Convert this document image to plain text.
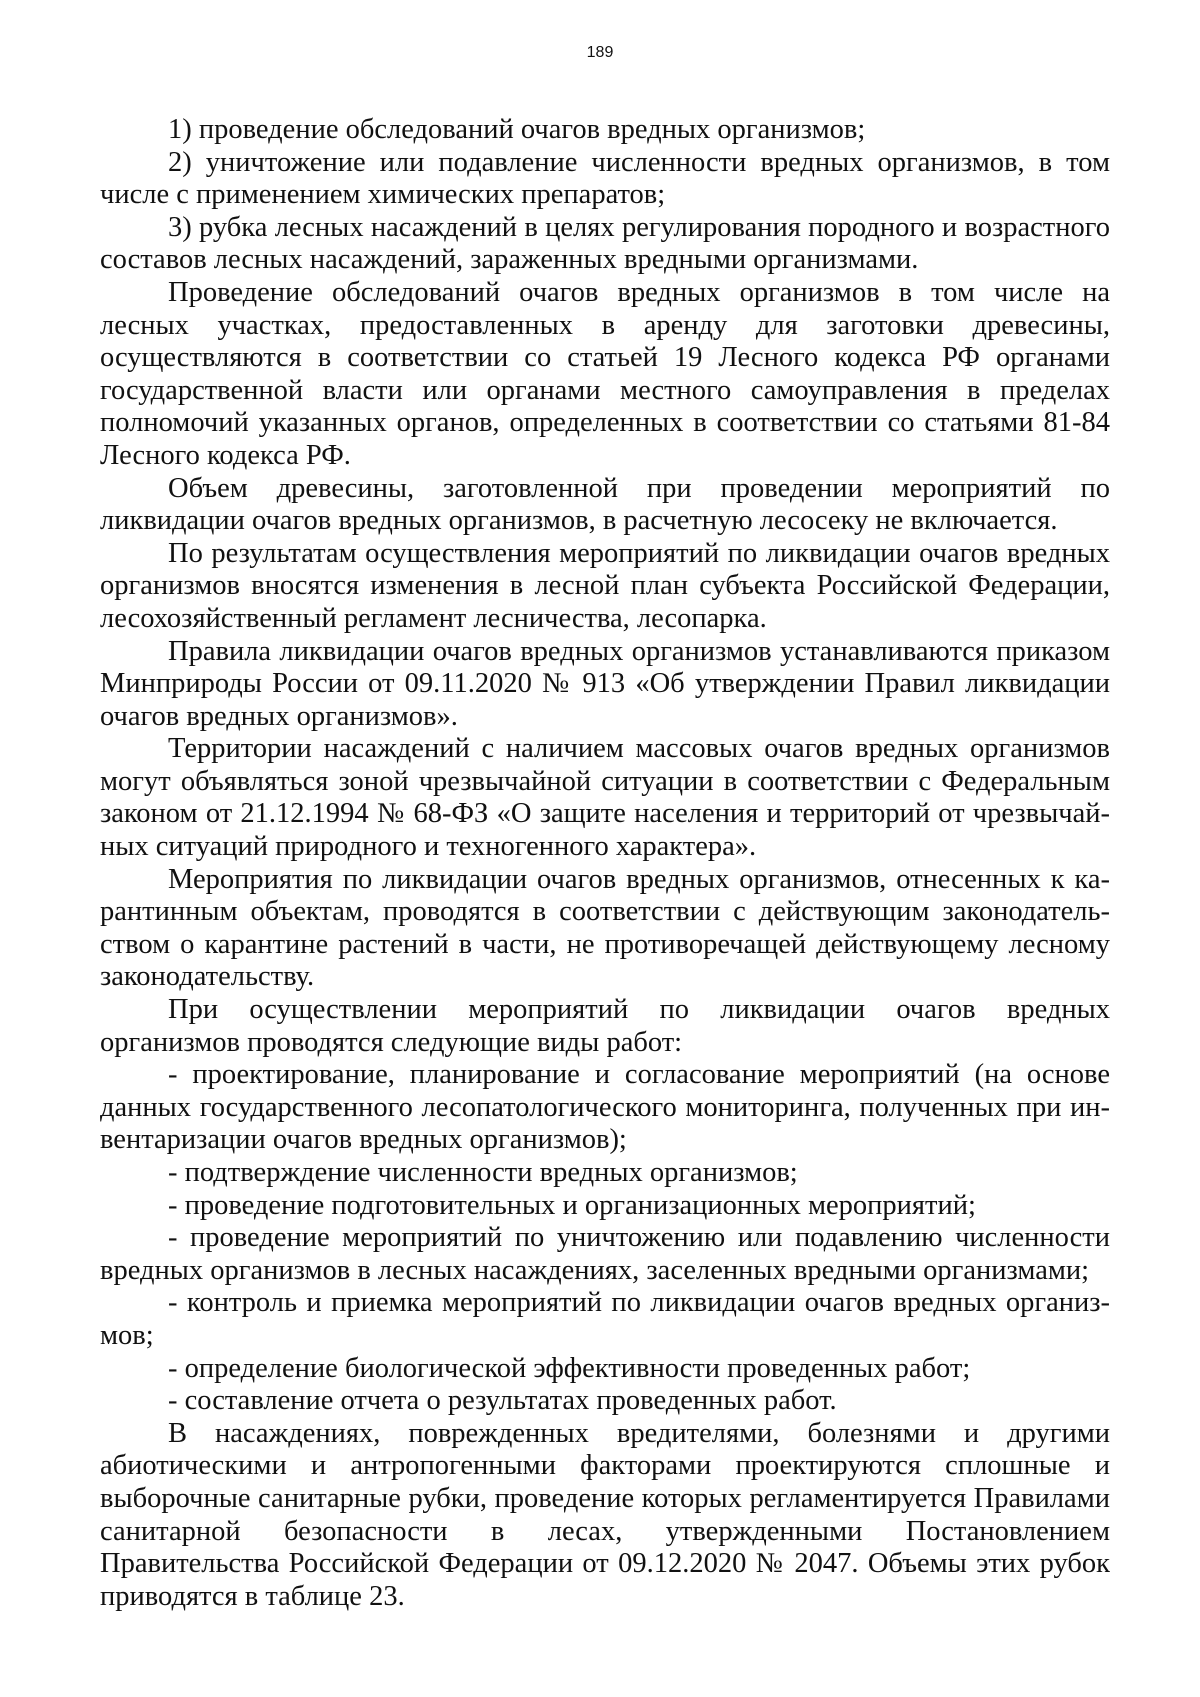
189

1) проведение обследований очагов вредных организмов;

2) уничтожение или подавление численности вредных организмов, в том числе с применением химических препаратов;

3) рубка лесных насаждений в целях регулирования породного и возрастного составов лесных насаждений, зараженных вредными организмами.

Проведение обследований очагов вредных организмов в том числе на лесных участках, предоставленных в аренду для заготовки древесины, осуществляются в соответствии со статьей 19 Лесного кодекса РФ органами государственной власти или органами местного самоуправления в пределах полномочий указанных органов, определенных в соответствии со статьями 81-84 Лесного кодекса РФ.

Объем древесины, заготовленной при проведении мероприятий по ликвидации очагов вредных организмов, в расчетную лесосеку не включается.

По результатам осуществления мероприятий по ликвидации очагов вредных организмов вносятся изменения в лесной план субъекта Российской Федерации, лесохозяйственный регламент лесничества, лесопарка.

Правила ликвидации очагов вредных организмов устанавливаются приказом Минприроды России от 09.11.2020 № 913 «Об утверждении Правил ликвидации очагов вредных организмов».

Территории насаждений с наличием массовых очагов вредных организмов могут объявляться зоной чрезвычайной ситуации в соответствии с Федеральным законом от 21.12.1994 № 68-ФЗ «О защите населения и территорий от чрезвычайных ситуаций природного и техногенного характера».

Мероприятия по ликвидации очагов вредных организмов, отнесенных к карантинным объектам, проводятся в соответствии с действующим законодательством о карантине растений в части, не противоречащей действующему лесному законодательству.

При осуществлении мероприятий по ликвидации очагов вредных организмов проводятся следующие виды работ:

- проектирование, планирование и согласование мероприятий (на основе данных государственного лесопатологического мониторинга, полученных при инвентаризации очагов вредных организмов);

- подтверждение численности вредных организмов;

- проведение подготовительных и организационных мероприятий;

- проведение мероприятий по уничтожению или подавлению численности вредных организмов в лесных насаждениях, заселенных вредными организмами;

- контроль и приемка мероприятий по ликвидации очагов вредных организмов;

- определение биологической эффективности проведенных работ;

- составление отчета о результатах проведенных работ.

В насаждениях, поврежденных вредителями, болезнями и другими абиотическими и антропогенными факторами проектируются сплошные и выборочные санитарные рубки, проведение которых регламентируется Правилами санитарной безопасности в лесах, утвержденными Постановлением Правительства Российской Федерации от 09.12.2020 № 2047. Объемы этих рубок приводятся в таблице 23.
